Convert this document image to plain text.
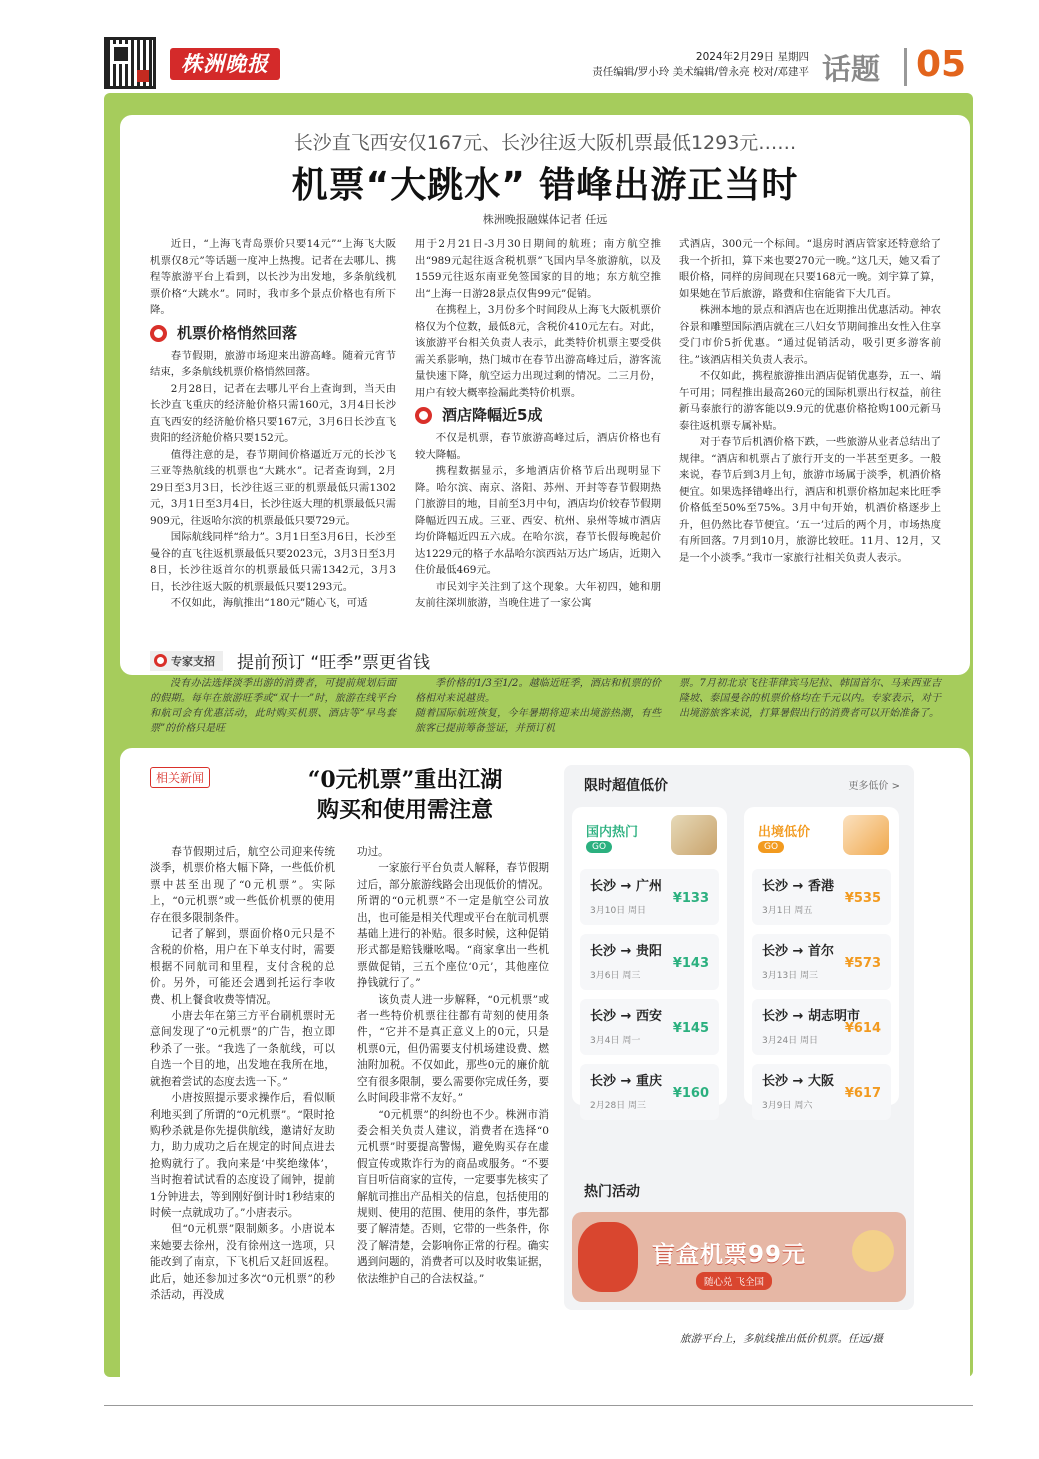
株洲晚报	2024年2月29日 星期四
责任编辑/罗小玲 美术编辑/曾永亮 校对/邓建平 话题 05
长沙直飞西安仅167元、长沙往返大阪机票最低1293元……
机票“大跳水” 错峰出游正当时
株洲晚报融媒体记者 任远

近日，“上海飞青岛票价只要14元”“上海飞大阪机票仅8元”等话题一度冲上热搜。记者在去哪儿、携程等旅游平台上看到，以长沙为出发地，多条航线机票价格“大跳水”。同时，我市多个景点价格也有所下降。

机票价格悄然回落

春节假期，旅游市场迎来出游高峰。随着元宵节结束，多条航线机票价格悄然回落。

2月28日，记者在去哪儿平台上查询到，当天由长沙直飞重庆的经济舱价格只需160元，3月4日长沙直飞西安的经济舱价格只要167元，3月6日长沙直飞贵阳的经济舱价格只要152元。

值得注意的是，春节期间价格逼近万元的长沙飞三亚等热航线的机票也“大跳水”。记者查询到，2月29日至3月3日，长沙往返三亚的机票最低只需1302元，3月1日至3月4日，长沙往返大理的机票最低只需909元，往返哈尔滨的机票最低只要729元。

国际航线同样“给力”。3月1日至3月6日，长沙至曼谷的直飞往返机票最低只要2023元，3月3日至3月8日，长沙往返首尔的机票最低只需1342元，3月3日，长沙往返大阪的机票最低只要1293元。

不仅如此，海航推出“180元”随心飞，可适

用于2月21日-3月30日期间的航班；南方航空推出“989元起往返含税机票”飞国内旱冬旅游航，以及1559元往返东南亚免签国家的目的地；东方航空推出“上海一日游28景点仅售99元”促销。

在携程上，3月份多个时间段从上海飞大阪机票价格仅为个位数，最低8元，含税价410元左右。对此，该旅游平台相关负责人表示，此类特价机票主要受供需关系影响，热门城市在春节出游高峰过后，游客流量快速下降，航空运力出现过剩的情况。二三月份，用户有较大概率捡漏此类特价机票。

酒店降幅近5成

不仅是机票，春节旅游高峰过后，酒店价格也有较大降幅。

携程数据显示，多地酒店价格节后出现明显下降。哈尔滨、南京、洛阳、苏州、开封等春节假期热门旅游目的地，目前至3月中旬，酒店均价较春节假期降幅近四五成。三亚、西安、杭州、泉州等城市酒店均价降幅近四五六成。在哈尔滨，春节长假每晚起价达1229元的格子水晶哈尔滨西站万达广场店，近期入住价最低469元。

市民刘宇关注到了这个现象。大年初四，她和朋友前往深圳旅游，当晚住进了一家公寓

式酒店，300元一个标间。“退房时酒店管家还特意给了我一个折扣，算下来也要270元一晚。”这几天，她又看了眼价格，同样的房间现在只要168元一晚。刘宇算了算，如果她在节后旅游，路费和住宿能省下大几百。

株洲本地的景点和酒店也在近期推出优惠活动。神农谷景和雕塑国际酒店就在三八妇女节期间推出女性入住享受门市价5折优惠。“通过促销活动，吸引更多游客前往。”该酒店相关负责人表示。

不仅如此，携程旅游推出酒店促销优惠券，五一、端午可用；同程推出最高260元的国际机票出行权益，前往新马泰旅行的游客能以9.9元的优惠价格抢购100元新马泰往返机票专属补贴。

对于春节后机酒价格下跌，一些旅游从业者总结出了规律。“酒店和机票占了旅行开支的一半甚至更多。一般来说，春节后到3月上旬，旅游市场属于淡季，机酒价格便宜。如果选择错峰出行，酒店和机票价格加起来比旺季价格低至50%至75%。3月中旬开始，机酒价格逐步上升，但仍然比春节便宜。‘五一’过后的两个月，市场热度有所回落。7月到10月，旅游比较旺。11月、12月，又是一个小淡季。”我市一家旅行社相关负责人表示。

专家支招 提前预订 “旺季”票更省钱
没有办法选择淡季出游的消费者，可提前规划后面的假期。每年在旅游旺季或“双十一”时，旅游在线平台和航司会有优惠活动，此时购买机票、酒店等“早鸟套票”的价格只是旺
季价格的1/3至1/2。越临近旺季，酒店和机票的价格相对来说越贵。
随着国际航班恢复，今年暑期将迎来出境游热潮，有些旅客已提前筹备签证，并预订机
票。7月初北京飞往菲律宾马尼拉、韩国首尔、马来西亚吉隆坡、泰国曼谷的机票价格均在千元以内。专家表示，对于出境游旅客来说，打算暑假出行的消费者可以开始准备了。
相关新闻	“0元机票”重出江湖
购买和使用需注意

春节假期过后，航空公司迎来传统淡季，机票价格大幅下降，一些低价机票中甚至出现了“0元机票”。实际上，“0元机票”或一些低价机票的使用存在很多限制条件。

记者了解到，票面价格0元只是不含税的价格，用户在下单支付时，需要根据不同航司和里程，支付含税的总价。另外，可能还会遇到托运行李收费、机上餐食收费等情况。

小唐去年在第三方平台刷机票时无意间发现了“0元机票”的广告，抱立即秒杀了一张。“我选了一条航线，可以自选一个目的地，出发地在我所在地，就抱着尝试的态度去选一下。”

小唐按照提示要求操作后，看似顺利地买到了所谓的“0元机票”。“限时抢购秒杀就是你先提供航线，邀请好友助力，助力成功之后在规定的时间点进去抢购就行了。我向来是‘中奖绝缘体’，当时抱着试试看的态度设了闹钟，提前1分钟进去，等到刚好倒计时1秒结束的时候一点就成功了。”小唐表示。

但“0元机票”限制颇多。小唐说本来她要去徐州，没有徐州这一选项，只能改到了南京，下飞机后又赶回返程。此后，她还参加过多次“0元机票”的秒杀活动，再没成

功过。

一家旅行平台负责人解释，春节假期过后，部分旅游线路会出现低价的情况。所谓的“0元机票”不一定是航空公司放出，也可能是相关代理或平台在航司机票基础上进行的补贴。很多时候，这种促销形式都是赔钱赚吆喝。“商家拿出一些机票做促销，三五个座位‘0元’，其他座位挣钱就行了。”

该负责人进一步解释，“0元机票”或者一些特价机票往往都有苛刻的使用条件，“它并不是真正意义上的0元，只是机票0元，但仍需要支付机场建设费、燃油附加税。不仅如此，那些0元的廉价航空有很多限制，要么需要你完成任务，要么时间段非常不友好。”

“0元机票”的纠纷也不少。株洲市消委会相关负责人建议，消费者在选择“0元机票”时要提高警惕，避免购买存在虚假宣传或欺诈行为的商品或服务。“不要盲目听信商家的宣传，一定要事先核实了解航司推出产品相关的信息，包括使用的规则、使用的范围、使用的条件，事先都要了解清楚。否则，它带的一些条件，你没了解清楚，会影响你正常的行程。确实遇到问题的，消费者可以及时收集证据，依法维护自己的合法权益。”

限时超值低价	更多低价 >
国内热门
GO
长沙 → 广州
3月10日 周日
¥133
长沙 → 贵阳
3月6日 周三
¥143
长沙 → 西安
3月4日 周一
¥145
长沙 → 重庆
2月28日 周三
¥160
出境低价
GO
长沙 → 香港
3月1日 周五
¥535
长沙 → 首尔
3月13日 周三
¥573
长沙 → 胡志明市
3月24日 周日
¥614
长沙 → 大阪
3月9日 周六
¥617
热门活动
盲盒机票99元
随心兑 飞全国
旅游平台上，多航线推出低价机票。任远/摄
